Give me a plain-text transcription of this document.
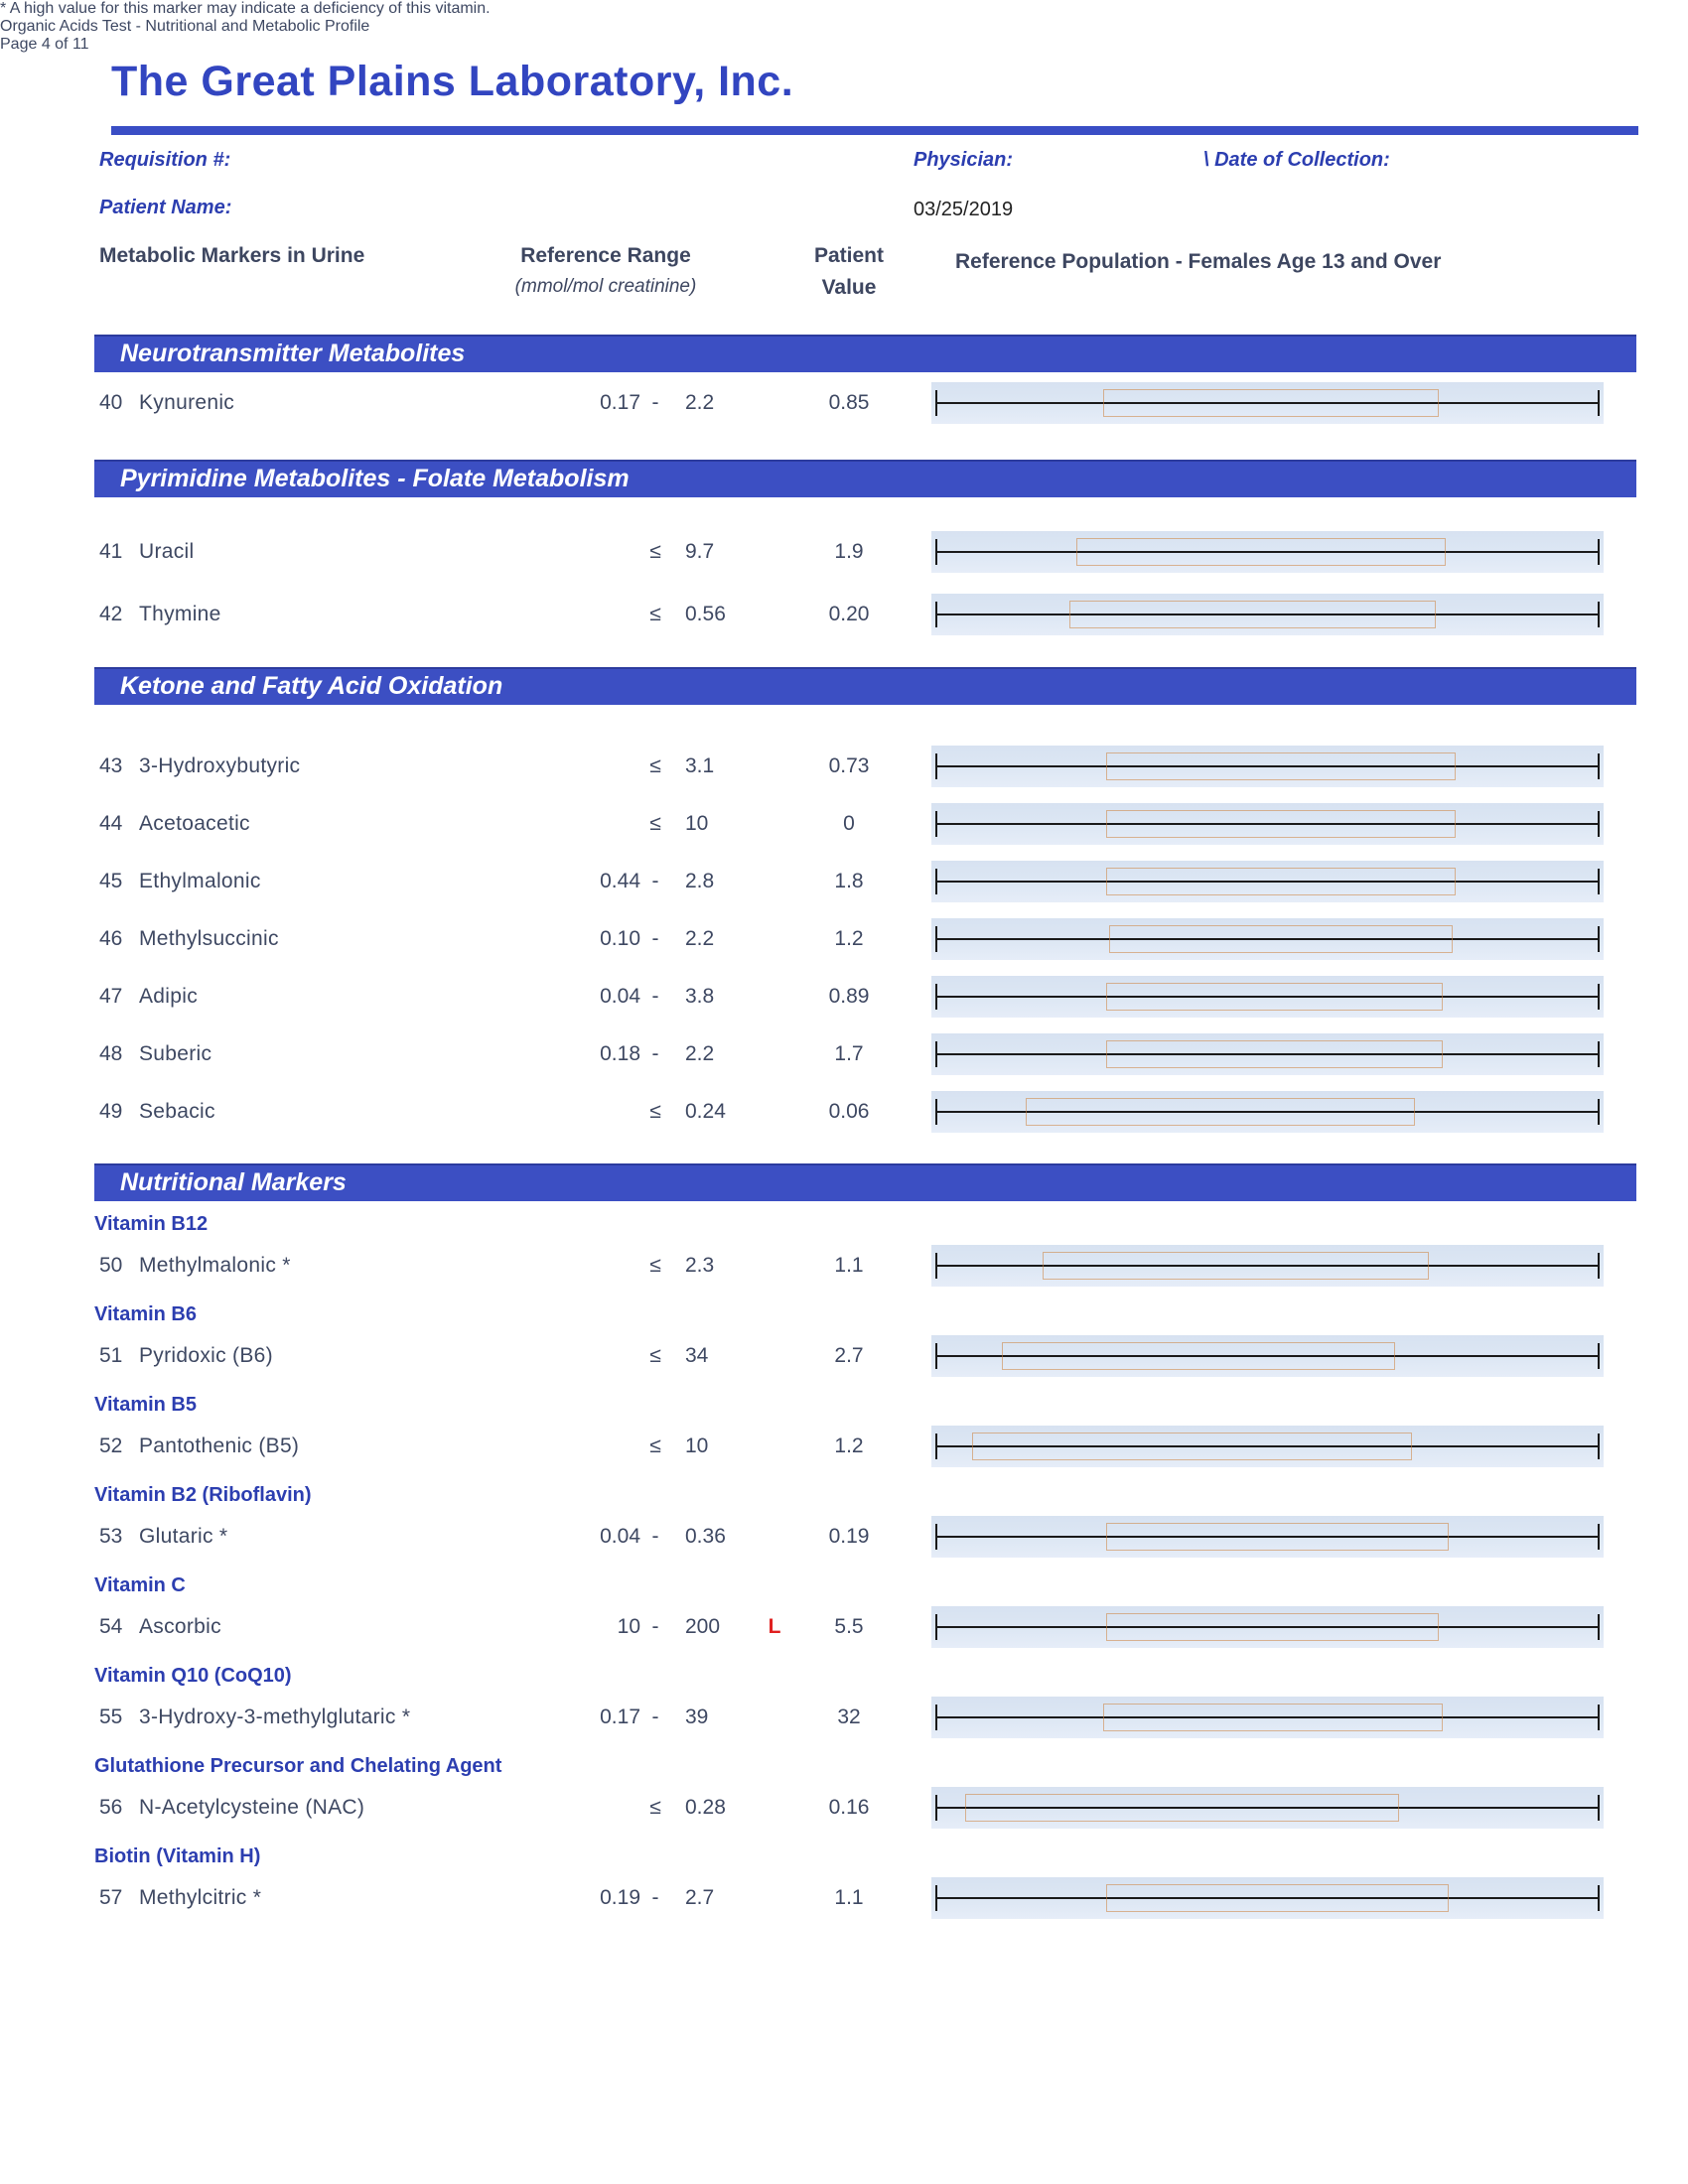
The Great Plains Laboratory, Inc.
Requisition #:	Physician:	\ Date of Collection:
Patient Name:	03/25/2019
Metabolic Markers in Urine	Reference Range
(mmol/mol creatinine)
Patient
Value
Reference Population - Females Age 13 and Over
Neurotransmitter Metabolites
Pyrimidine Metabolites - Folate Metabolism
Ketone and Fatty Acid Oxidation
Nutritional Markers
Vitamin B12
Vitamin B6
Vitamin B5
Vitamin B2 (Riboflavin)
Vitamin C
Vitamin Q10 (CoQ10)
Glutathione Precursor and Chelating Agent
Biotin (Vitamin H)
40 Kynurenic	0.17 -	2.2	0.85
41 Uracil	≤	9.7	1.9
42 Thymine	≤	0.56	0.20
43 3-Hydroxybutyric	≤	3.1	0.73
44 Acetoacetic	≤	10	0
45 Ethylmalonic	0.44 -	2.8	1.8
46 Methylsuccinic	0.10 -	2.2	1.2
47 Adipic	0.04 -	3.8	0.89
48 Suberic	0.18 -	2.2	1.7
49 Sebacic	≤	0.24	0.06
50 Methylmalonic *	≤	2.3	1.1
51 Pyridoxic (B6)	≤	34	2.7
52 Pantothenic (B5)	≤	10	1.2
53 Glutaric *	0.04 -	0.36	0.19
54 Ascorbic	10 -	200	L	5.5
55 3-Hydroxy-3-methylglutaric *	0.17 -	39	32
56 N-Acetylcysteine (NAC)	≤	0.28	0.16
57 Methylcitric *	0.19 -	2.7	1.1
* A high value for this marker may indicate a deficiency of this vitamin.
Organic Acids Test - Nutritional and Metabolic Profile
Page 4 of 11
